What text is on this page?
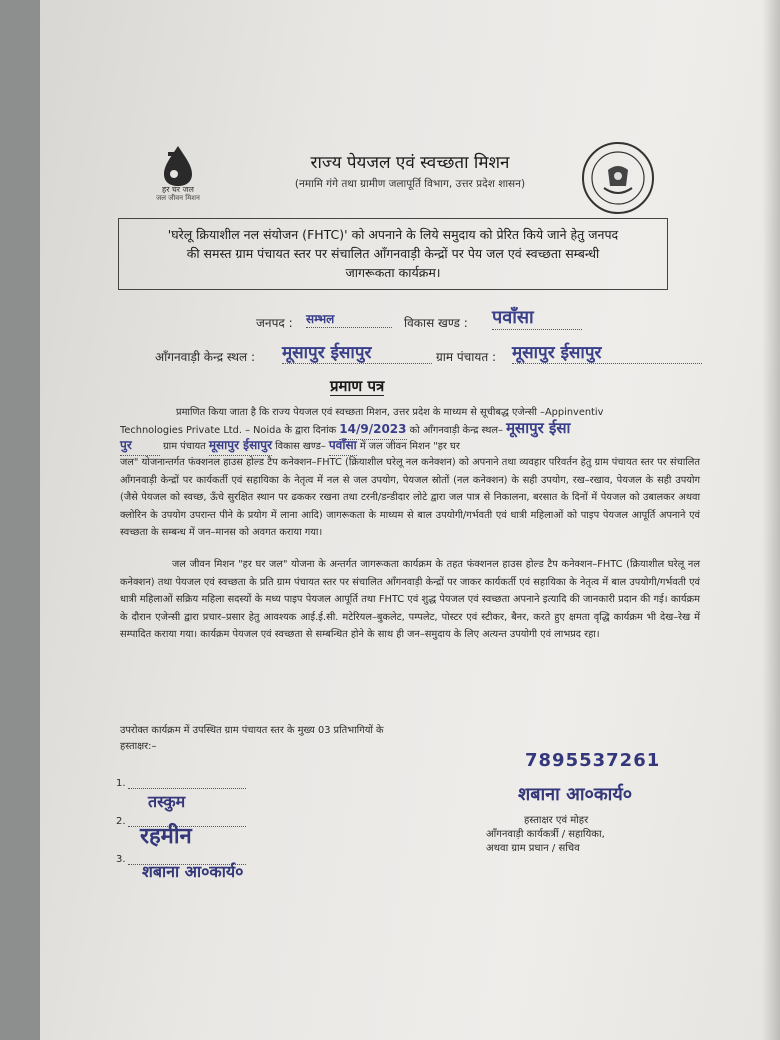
हर घर जल
जल जीवन मिशन
राज्य पेयजल एवं स्वच्छता मिशन
(नमामि गंगे तथा ग्रामीण जलापूर्ति विभाग, उत्तर प्रदेश शासन)
'घरेलू क्रियाशील नल संयोजन (FHTC)' को अपनाने के लिये समुदाय को प्रेरित किये जाने हेतु जनपद
की समस्त ग्राम पंचायत स्तर पर संचालित आँगनवाड़ी केन्द्रों पर पेय जल एवं स्वच्छता सम्बन्धी
जागरूकता कार्यक्रम।
जनपद : सम्भल	विकास खण्ड : पवाँसा
आँगनवाड़ी केन्द्र स्थल : मूसापुर ईसापुर	ग्राम पंचायत : मूसापुर ईसापुर
प्रमाण पत्र
प्रमाणित किया जाता है कि राज्य पेयजल एवं स्वच्छता मिशन, उत्तर प्रदेश के माध्यम से सूचीबद्ध एजेन्सी –Appinventiv
Technologies Private Ltd. – Noida के द्वारा दिनांक 14/9/2023 को आँगनवाड़ी केन्द्र स्थल– मूसापुर ईसा
पुर	ग्राम पंचायत मूसापुर ईसापुर विकास खण्ड– पवाँसा में जल जीवन मिशन "हर घर
जल" योजनान्तर्गत फंक्शनल हाउस होल्ड टैप कनेक्शन–FHTC (क्रियाशील घरेलू नल कनेक्शन) को अपनाने तथा व्यवहार परिवर्तन हेतु ग्राम पंचायत स्तर पर संचालित आँगनवाड़ी केन्द्रों पर कार्यकर्ती एवं सहायिका के नेतृत्व में नल से जल उपयोग, पेयजल स्रोतों (नल कनेक्शन) के सही उपयोग, रख–रखाव, पेयजल के सही उपयोग (जैसे पेयजल को स्वच्छ, ऊँचे सुरक्षित स्थान पर ढककर रखना तथा टरनी/डन्डीदार लोटे द्वारा जल पात्र से निकालना, बरसात के दिनों में पेयजल को उबालकर अथवा क्लोरिन के उपयोग उपरान्त पीने के प्रयोग में लाना आदि) जागरूकता के माध्यम से बाल उपयोगी/गर्भवती एवं धात्री महिलाओं को पाइप पेयजल आपूर्ति अपनाने एवं स्वच्छता के सम्बन्ध में जन–मानस को अवगत कराया गया।
जल जीवन मिशन "हर घर जल" योजना के अन्तर्गत जागरूकता कार्यक्रम के तहत फंक्शनल हाउस होल्ड टैप कनेक्शन–FHTC (क्रियाशील घरेलू नल कनेक्शन) तथा पेयजल एवं स्वच्छता के प्रति ग्राम पंचायत स्तर पर संचालित आँगनवाड़ी केन्द्रों पर जाकर कार्यकर्ती एवं सहायिका के नेतृत्व में बाल उपयोगी/गर्भवती एवं धात्री महिलाओं सक्रिय महिला सदस्यों के मध्य पाइप पेयजल आपूर्ति तथा FHTC एवं शुद्ध पेयजल एवं स्वच्छता अपनाने इत्यादि की जानकारी प्रदान की गई। कार्यक्रम के दौरान एजेन्सी द्वारा प्रचार–प्रसार हेतु आवश्यक आई.ई.सी. मटेरियल–बुकलेट, पम्पलेट, पोस्टर एवं स्टीकर, बैनर, करते हुए क्षमता वृद्धि कार्यक्रम भी देख–रेख में सम्पादित कराया गया। कार्यक्रम पेयजल एवं स्वच्छता से सम्बन्धित होने के साथ ही जन–समुदाय के लिए अत्यन्त उपयोगी एवं लाभप्रद रहा।
उपरोक्त कार्यक्रम में उपस्थित ग्राम पंचायत स्तर के मुख्य 03 प्रतिभागियों के
हस्ताक्षर:–
1.
तस्कुम
2.
रहमीन
3.
शबाना आ०कार्य०
7895537261
शबाना आ०कार्य०
हस्ताक्षर एवं मोहर
आँगनवाड़ी कार्यकर्त्री / सहायिका,
अथवा ग्राम प्रधान / सचिव
